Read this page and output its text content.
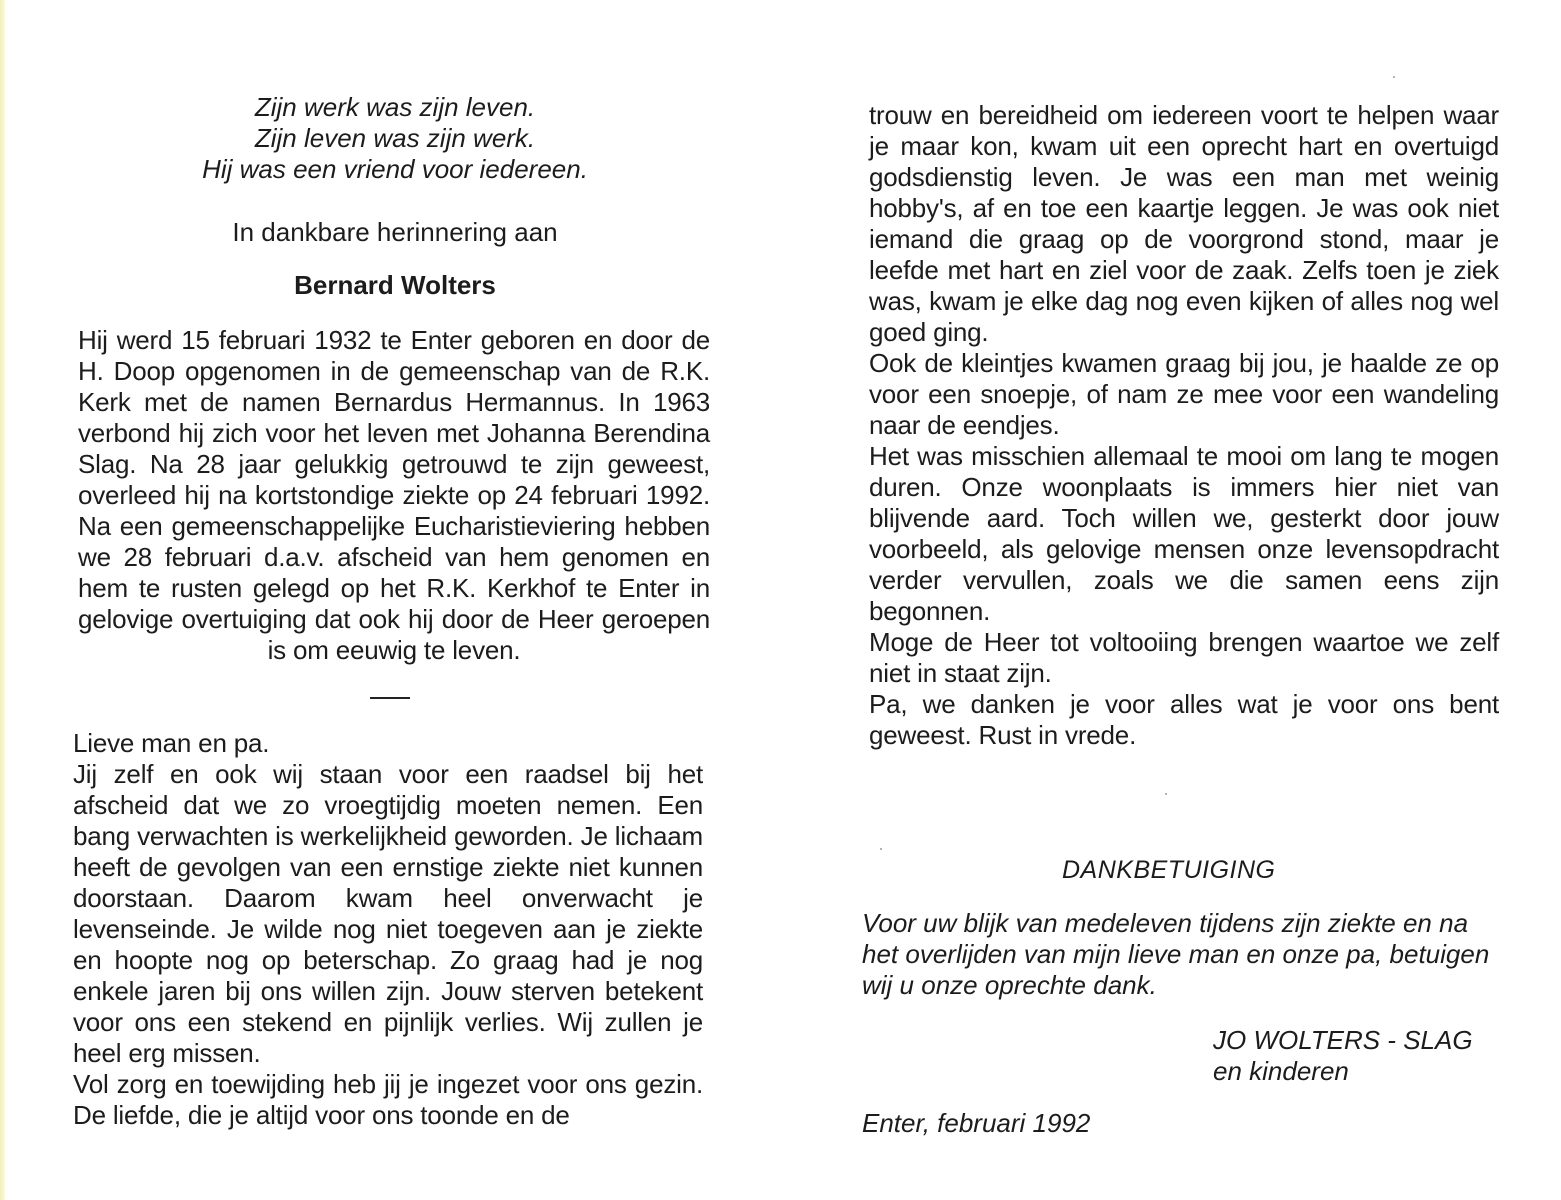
Zijn werk was zijn leven.
Zijn leven was zijn werk.
Hij was een vriend voor iedereen.
In dankbare herinnering aan
Bernard Wolters

Hij werd 15 februari 1932 te Enter geboren en door de H. Doop opgenomen in de gemeenschap van de R.K. Kerk met de namen Bernardus Hermannus. In 1963 verbond hij zich voor het leven met Johanna Berendina Slag. Na 28 jaar gelukkig getrouwd te zijn geweest, overleed hij na kortstondige ziekte op 24 februari 1992. Na een gemeenschappelijke Eucharistieviering hebben we 28 februari d.a.v. afscheid van hem genomen en hem te rusten gelegd op het R.K. Kerkhof te Enter in gelovige overtuiging dat ook hij door de Heer geroepen is om eeuwig te leven.

Lieve man en pa.
Jij zelf en ook wij staan voor een raadsel bij het afscheid dat we zo vroegtijdig moeten nemen. Een bang verwachten is werkelijkheid geworden. Je lichaam heeft de gevolgen van een ernstige ziekte niet kunnen doorstaan. Daarom kwam heel onverwacht je levenseinde. Je wilde nog niet toegeven aan je ziekte en hoopte nog op beterschap. Zo graag had je nog enkele jaren bij ons willen zijn. Jouw sterven betekent voor ons een stekend en pijnlijk verlies. Wij zullen je heel erg missen.
Vol zorg en toewijding heb jij je ingezet voor ons gezin. De liefde, die je altijd voor ons toonde en de
trouw en bereidheid om iedereen voort te helpen waar je maar kon, kwam uit een oprecht hart en overtuigd godsdienstig leven. Je was een man met weinig hobby's, af en toe een kaartje leggen. Je was ook niet iemand die graag op de voorgrond stond, maar je leefde met hart en ziel voor de zaak. Zelfs toen je ziek was, kwam je elke dag nog even kijken of alles nog wel goed ging.
Ook de kleintjes kwamen graag bij jou, je haalde ze op voor een snoepje, of nam ze mee voor een wandeling naar de eendjes.
Het was misschien allemaal te mooi om lang te mogen duren. Onze woonplaats is immers hier niet van blijvende aard. Toch willen we, gesterkt door jouw voorbeeld, als gelovige mensen onze levensopdracht verder vervullen, zoals we die samen eens zijn begonnen.
Moge de Heer tot voltooiing brengen waartoe we zelf niet in staat zijn.
Pa, we danken je voor alles wat je voor ons bent geweest. Rust in vrede.
DANKBETUIGING

Voor uw blijk van medeleven tijdens zijn ziekte en na het overlijden van mijn lieve man en onze pa, betuigen wij u onze oprechte dank.

JO WOLTERS - SLAG
en kinderen
Enter, februari 1992
